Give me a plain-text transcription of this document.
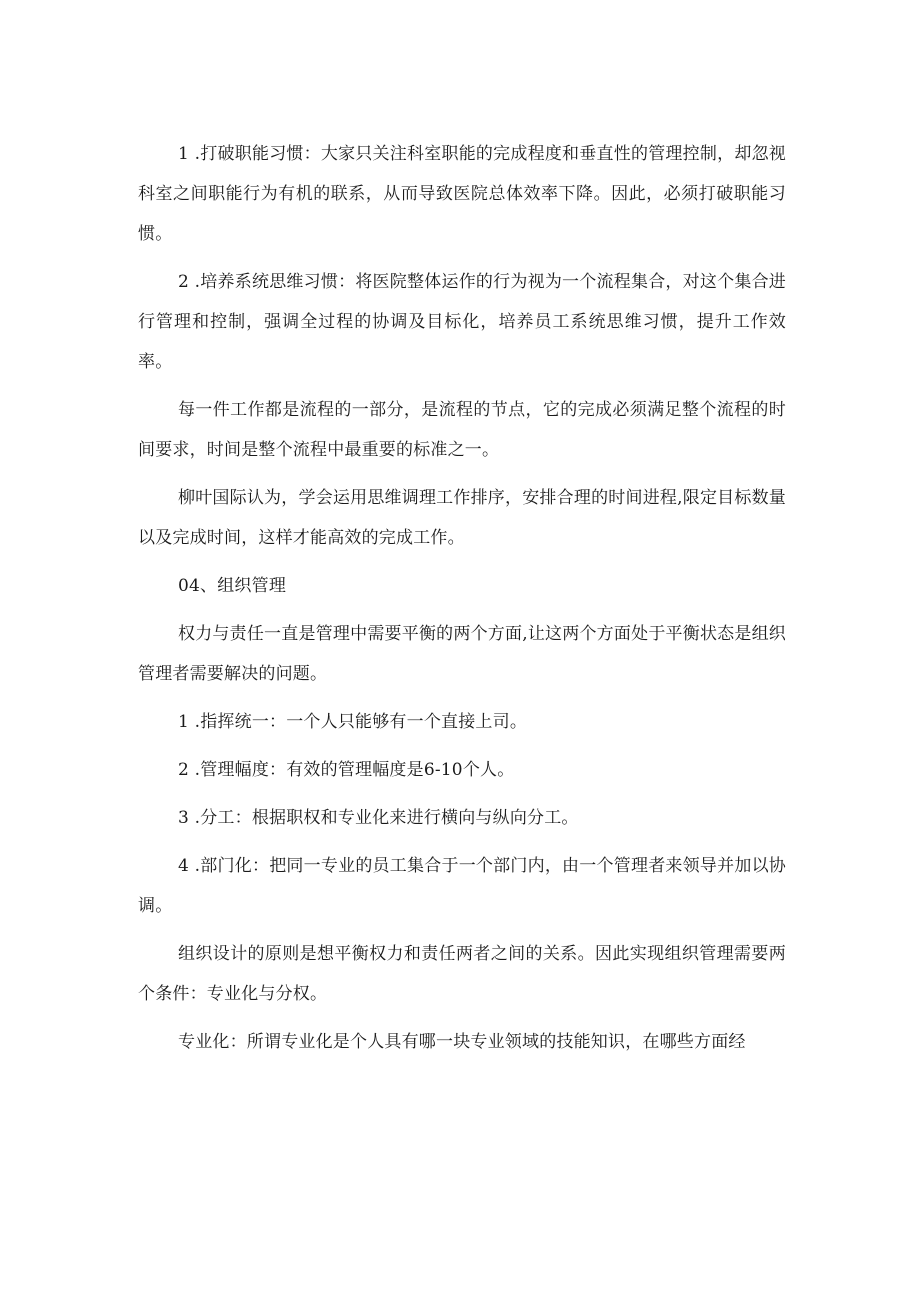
1 .打破职能习惯：大家只关注科室职能的完成程度和垂直性的管理控制，却忽视科室之间职能行为有机的联系，从而导致医院总体效率下降。因此，必须打破职能习惯。

2 .培养系统思维习惯：将医院整体运作的行为视为一个流程集合，对这个集合进行管理和控制，强调全过程的协调及目标化，培养员工系统思维习惯，提升工作效率。

每一件工作都是流程的一部分，是流程的节点，它的完成必须满足整个流程的时间要求，时间是整个流程中最重要的标准之一。

柳叶国际认为，学会运用思维调理工作排序，安排合理的时间进程,限定目标数量以及完成时间，这样才能高效的完成工作。

04、组织管理

权力与责任一直是管理中需要平衡的两个方面,让这两个方面处于平衡状态是组织管理者需要解决的问题。

1 .指挥统一：一个人只能够有一个直接上司。

2 .管理幅度：有效的管理幅度是6-10个人。

3 .分工：根据职权和专业化来进行横向与纵向分工。

4 .部门化：把同一专业的员工集合于一个部门内，由一个管理者来领导并加以协调。

组织设计的原则是想平衡权力和责任两者之间的关系。因此实现组织管理需要两个条件：专业化与分权。

专业化：所谓专业化是个人具有哪一块专业领域的技能知识，在哪些方面经
